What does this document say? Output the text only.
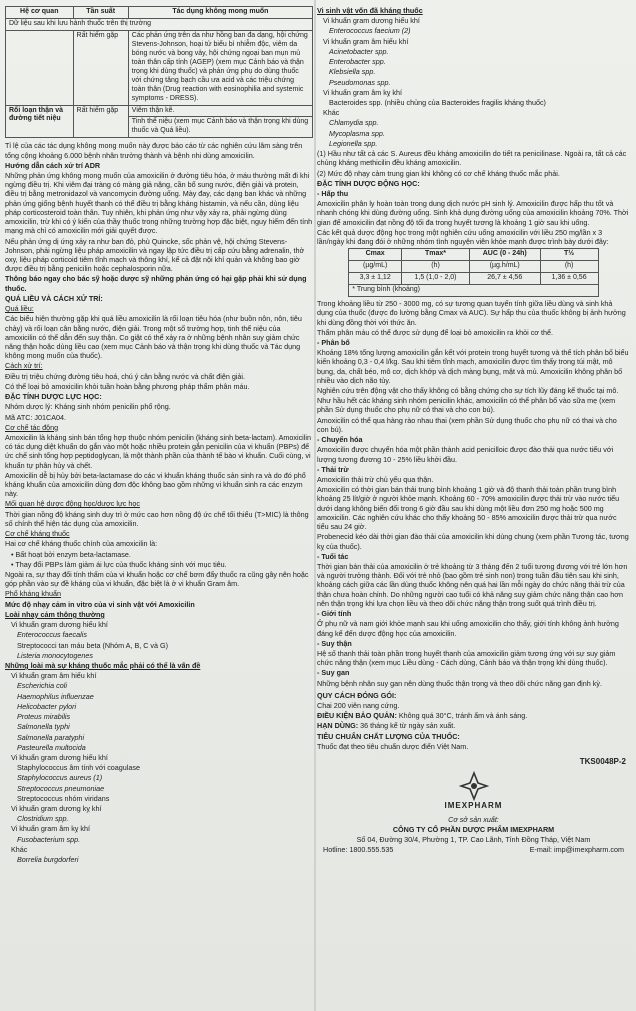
Hệ cơ quan	Tần suất	Tác dụng không mong muốn
Dữ liệu sau khi lưu hành thuốc trên thị trường		
	Rất hiếm gặp	Các phản ứng trên da như hồng ban đa dạng, hội chứng Stevens-Johnson, hoại tử biểu bì nhiễm độc, viêm da bóng nước và bong vảy, hội chứng ngoại ban mụn mủ toàn thân cấp tính (AGEP) (xem mục Cảnh báo và thận trọng khi dùng thuốc) và phản ứng phụ do dùng thuốc với chứng tăng bạch cầu ưa acid và các triệu chứng toàn thân (Drug reaction with eosinophilia and systemic symptoms - DRESS).
Rối loạn thận và đường tiết niệu	Rất hiếm gặp	Viêm thận kẽ.
		Tinh thể niệu (xem mục Cảnh báo và thận trọng khi dùng thuốc và Quá liều).

Tỉ lệ của các tác dụng không mong muốn này được báo cáo từ các nghiên cứu lâm sàng trên tổng cộng khoảng 6.000 bệnh nhân trưởng thành và bệnh nhi dùng amoxicilin.

Hướng dẫn cách xử trí ADR

Những phản ứng không mong muốn của amoxicilin ở đường tiêu hóa, ở máu thường mất đi khi ngừng điều trị. Khi viêm đại tràng có màng giả nặng, cần bổ sung nước, điện giải và protein, điều trị bằng metronidazol và vancomycin đường uống. Mày đay, các dạng ban khác và những phản ứng giống bệnh huyết thanh có thể điều trị bằng kháng histamin, và nếu cần, dùng liệu pháp corticosteroid toàn thân. Tuy nhiên, khi phản ứng như vậy xảy ra, phải ngừng dùng amoxicilin, trừ khi có ý kiến của thầy thuốc trong những trường hợp đặc biệt, nguy hiểm đến tính mạng mà chỉ có amoxicilin mới giải quyết được.

Nếu phản ứng dị ứng xảy ra như ban đỏ, phù Quincke, sốc phản vệ, hội chứng Stevens-Johnson, phải ngừng liệu pháp amoxicilin và ngay lập tức điều trị cấp cứu bằng adrenalin, thở oxy, liệu pháp corticoid tiêm tĩnh mạch và thông khí, kể cả đặt nội khí quản và không bao giờ được điều trị bằng penicilin hoặc cephalosporin nữa.

Thông báo ngay cho bác sỹ hoặc dược sỹ những phản ứng có hại gặp phải khi sử dụng thuốc.

QUÁ LIỀU VÀ CÁCH XỬ TRÍ:

Quá liều:

Các biểu hiện thường gặp khi quá liều amoxicilin là rối loạn tiêu hóa (như buồn nôn, nôn, tiêu chảy) và rối loạn cân bằng nước, điện giải. Trong một số trường hợp, tinh thể niệu của amoxicilin có thể dẫn đến suy thận. Co giật có thể xảy ra ở những bệnh nhân suy giảm chức năng thận hoặc dùng liều cao (xem mục Cảnh báo và thận trọng khi dùng thuốc và Tác dụng không mong muốn của thuốc).

Cách xử trí:

Điều trị triệu chứng đường tiêu hoá, chú ý cân bằng nước và chất điện giải.

Có thể loại bỏ amoxicilin khỏi tuần hoàn bằng phương pháp thẩm phân máu.

ĐẶC TÍNH DƯỢC LỰC HỌC:

Nhóm dược lý: Kháng sinh nhóm penicilin phổ rộng.

Mã ATC: J01CA04.

Cơ chế tác động

Amoxicilin là kháng sinh bán tổng hợp thuộc nhóm penicilin (kháng sinh beta-lactam). Amoxicilin có tác dụng diệt khuẩn do gắn vào một hoặc nhiều protein gắn penicilin của vi khuẩn (PBPs) để ức chế sinh tổng hợp peptidoglycan, là một thành phần của thành tế bào vi khuẩn. Cuối cùng, vi khuẩn tự phân hủy và chết.

Amoxicilin dễ bị hủy bởi beta-lactamase do các vi khuẩn kháng thuốc sản sinh ra và do đó phổ kháng khuẩn của amoxicilin dùng đơn độc không bao gồm những vi khuẩn sinh ra các enzym này.

Mối quan hệ dược động học/dược lực học

Thời gian nồng độ kháng sinh duy trì ở mức cao hơn nồng độ ức chế tối thiểu (T>MIC) là thông số chính thể hiện tác dụng của amoxicilin.

Cơ chế kháng thuốc

Hai cơ chế kháng thuốc chính của amoxicilin là:

• Bất hoạt bởi enzym beta-lactamase.

• Thay đổi PBPs làm giảm ái lực của thuốc kháng sinh với mục tiêu.

Ngoài ra, sự thay đổi tính thấm của vi khuẩn hoặc cơ chế bơm đẩy thuốc ra cũng gây nên hoặc góp phần vào sự đề kháng của vi khuẩn, đặc biệt là ở vi khuẩn Gram âm.

Phổ kháng khuẩn

Mức độ nhạy cảm in vitro của vi sinh vật với Amoxicilin

Loài nhạy cảm thông thường

Vi khuẩn gram dương hiếu khí

Enterococcus faecalis

Streptococci tan máu beta (Nhóm A, B, C và G)

Listeria monocytogenes

Những loài mà sự kháng thuốc mắc phải có thể là vấn đề

Vi khuẩn gram âm hiếu khí

Escherichia coli

Haemophilus influenzae

Helicobacter pylori

Proteus mirabilis

Salmonella typhi

Salmonella paratyphi

Pasteurella multocida

Vi khuẩn gram dương hiếu khí

Staphylococcus âm tính với coagulase

Staphylococcus aureus (1)

Streptococcus pneumoniae

Streptococcus nhóm viridans

Vi khuẩn gram dương kỵ khí

Clostridium spp.

Vi khuẩn gram âm kỵ khí

Fusobacterium spp.

Khác

Borrelia burgdorferi

Vi sinh vật vốn đã kháng thuốc

Vi khuẩn gram dương hiếu khí

Enterococcus faecium (2)

Vi khuẩn gram âm hiếu khí

Acinetobacter spp.

Enterobacter spp.

Klebsiella spp.

Pseudomonas spp.

Vi khuẩn gram âm kỵ khí

Bacteroides spp. (nhiều chủng của Bacteroides fragilis kháng thuốc)

Khác

Chlamydia spp.

Mycoplasma spp.

Legionella spp.

(1) Hầu như tất cả các S. Aureus đều kháng amoxicilin do tiết ra penicilinase. Ngoài ra, tất cả các chủng kháng methicilin đều kháng amoxicilin.

(2) Mức độ nhạy cảm trung gian khi không có cơ chế kháng thuốc mắc phải.

ĐẶC TÍNH DƯỢC ĐỘNG HỌC:

- Hấp thu

Amoxicilin phân ly hoàn toàn trong dung dịch nước pH sinh lý. Amoxicilin được hấp thu tốt và nhanh chóng khi dùng đường uống. Sinh khả dụng đường uống của amoxicilin khoảng 70%. Thời gian để amoxicilin đạt nồng độ tối đa trong huyết tương là khoảng 1 giờ sau khi uống.

Các kết quả dược động học trong một nghiên cứu uống amoxicilin với liều 250 mg/lần x 3 lần/ngày khi đang đói ở những nhóm tình nguyện viên khỏe mạnh được trình bày dưới đây:

Cmax	Tmax*	AUC (0 - 24h)	T½
(µg/mL)	(h)	(µg.h/mL)	(h)
3,3 ± 1,12	1,5 (1,0 - 2,0)	26,7 ± 4,56	1,36 ± 0,56
* Trung bình (khoảng)			

Trong khoảng liều từ 250 - 3000 mg, có sự tương quan tuyến tính giữa liều dùng và sinh khả dụng của thuốc (được đo lường bằng Cmax và AUC). Sự hấp thu của thuốc không bị ảnh hưởng khi dùng đồng thời với thức ăn.

Thẩm phân máu có thể được sử dụng để loại bỏ amoxicilin ra khỏi cơ thể.

- Phân bố

Khoảng 18% tổng lượng amoxicilin gắn kết với protein trong huyết tương và thể tích phân bố biểu kiến khoảng 0,3 - 0,4 l/kg. Sau khi tiêm tĩnh mạch, amoxicilin được tìm thấy trong túi mật, mô bụng, da, chất béo, mô cơ, dịch khớp và dịch màng bụng, mật và mủ. Amoxicilin không phân bố nhiều vào dịch não tủy.

Nghiên cứu trên động vật cho thấy không có bằng chứng cho sự tích lũy đáng kể thuốc tại mô.

Như hầu hết các kháng sinh nhóm penicilin khác, amoxicilin có thể phân bố vào sữa mẹ (xem phần Sử dụng thuốc cho phụ nữ có thai và cho con bú).

Amoxicilin có thể qua hàng rào nhau thai (xem phần Sử dụng thuốc cho phụ nữ có thai và cho con bú).

- Chuyển hóa

Amoxicilin được chuyển hóa một phần thành acid penicilloic được đào thải qua nước tiểu với lượng tương đương 10 - 25% liều khởi đầu.

- Thải trừ

Amoxicilin thải trừ chủ yếu qua thận.

Amoxicilin có thời gian bán thải trung bình khoảng 1 giờ và độ thanh thải toàn phần trung bình khoảng 25 lít/giờ ở người khỏe mạnh. Khoảng 60 - 70% amoxicilin được thải trừ vào nước tiểu dưới dạng không biến đổi trong 6 giờ đầu sau khi dùng một liều đơn 250 mg hoặc 500 mg amoxicilin. Các nghiên cứu khác cho thấy khoảng 50 - 85% amoxicilin được thải trừ qua nước tiểu sau 24 giờ.

Probenecid kéo dài thời gian đào thải của amoxicilin khi dùng chung (xem phần Tương tác, tương kỵ của thuốc).

- Tuổi tác

Thời gian bán thải của amoxicilin ở trẻ khoảng từ 3 tháng đến 2 tuổi tương đương với trẻ lớn hơn và người trưởng thành. Đối với trẻ nhỏ (bao gồm trẻ sinh non) trong tuần đầu tiên sau khi sinh, khoảng cách giữa các lần dùng thuốc không nên quá hai lần mỗi ngày do chức năng thải trừ của thận chưa hoàn chỉnh. Do những người cao tuổi có khả năng suy giảm chức năng thận cao hơn nên thận trọng khi lựa chọn liều và theo dõi chức năng thận trong suốt quá trình điều trị.

- Giới tính

Ở phụ nữ và nam giới khỏe mạnh sau khi uống amoxicilin cho thấy, giới tính không ảnh hưởng đáng kể đến dược động học của amoxicilin.

- Suy thận

Hệ số thanh thải toàn phần trong huyết thanh của amoxicilin giảm tương ứng với sự suy giảm chức năng thận (xem mục Liều dùng - Cách dùng, Cảnh báo và thận trọng khi dùng thuốc).

- Suy gan

Những bệnh nhân suy gan nên dùng thuốc thận trọng và theo dõi chức năng gan định kỳ.

QUY CÁCH ĐÓNG GÓI:

Chai 200 viên nang cứng.

ĐIỀU KIỆN BẢO QUẢN: Không quá 30°C, tránh ẩm và ánh sáng.

HẠN DÙNG: 36 tháng kể từ ngày sản xuất.

TIÊU CHUẨN CHẤT LƯỢNG CỦA THUỐC:

Thuốc đạt theo tiêu chuẩn dược điển Việt Nam.

TKS0048P-2
IMEXPHARM

Cơ sở sản xuất:

CÔNG TY CỔ PHẦN DƯỢC PHẨM IMEXPHARM

Số 04, Đường 30/4, Phường 1, TP. Cao Lãnh, Tỉnh Đồng Tháp, Việt Nam

Hotline: 1800.555.535	E-mail: imp@imexpharm.com
